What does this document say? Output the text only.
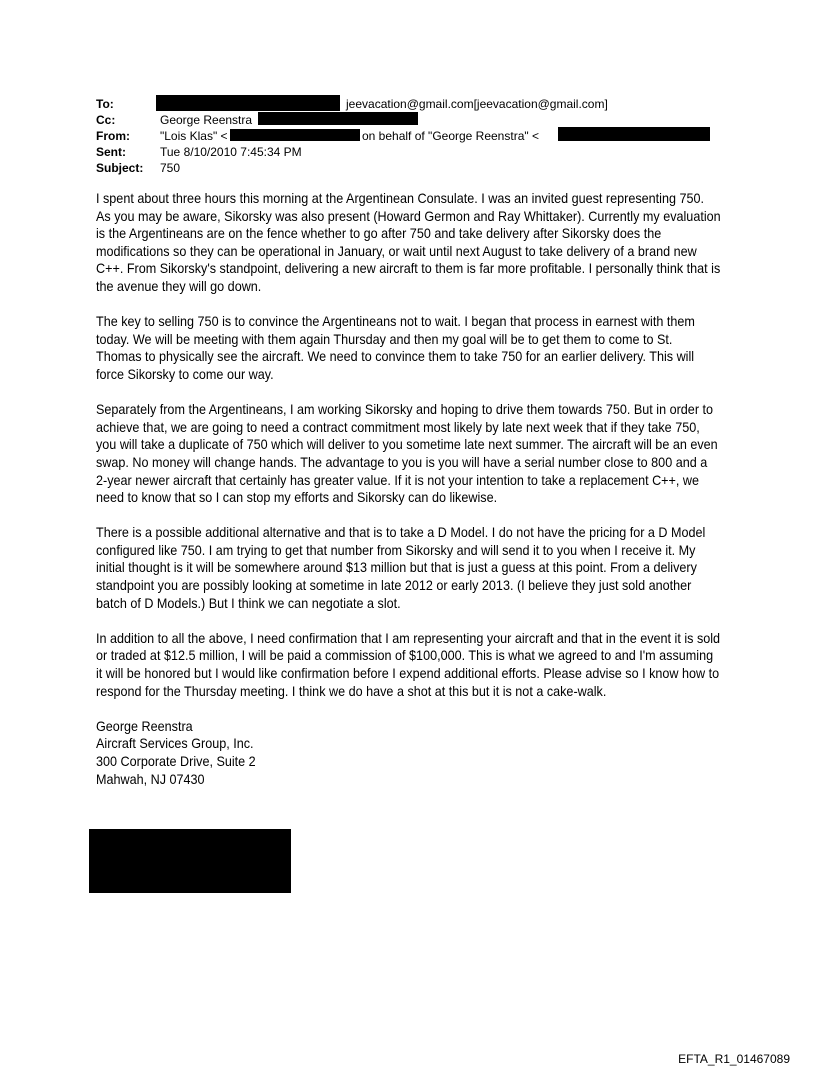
To:	jeevacation@gmail.com[jeevacation@gmail.com]
Cc:	George Reenstra
From:	"Lois Klas" <	on behalf of "George Reenstra" <
Sent:	Tue 8/10/2010 7:45:34 PM
Subject: 750

I spent about three hours this morning at the Argentinean Consulate. I was an invited guest representing 750. As you may be aware, Sikorsky was also present (Howard Germon and Ray Whittaker). Currently my evaluation is the Argentineans are on the fence whether to go after 750 and take delivery after Sikorsky does the modifications so they can be operational in January, or wait until next August to take delivery of a brand new C++. From Sikorsky's standpoint, delivering a new aircraft to them is far more profitable. I personally think that is the avenue they will go down.

The key to selling 750 is to convince the Argentineans not to wait. I began that process in earnest with them today. We will be meeting with them again Thursday and then my goal will be to get them to come to St. Thomas to physically see the aircraft. We need to convince them to take 750 for an earlier delivery. This will force Sikorsky to come our way.

Separately from the Argentineans, I am working Sikorsky and hoping to drive them towards 750. But in order to achieve that, we are going to need a contract commitment most likely by late next week that if they take 750, you will take a duplicate of 750 which will deliver to you sometime late next summer. The aircraft will be an even swap. No money will change hands. The advantage to you is you will have a serial number close to 800 and a 2-year newer aircraft that certainly has greater value. If it is not your intention to take a replacement C++, we need to know that so I can stop my efforts and Sikorsky can do likewise.

There is a possible additional alternative and that is to take a D Model. I do not have the pricing for a D Model configured like 750. I am trying to get that number from Sikorsky and will send it to you when I receive it. My initial thought is it will be somewhere around $13 million but that is just a guess at this point. From a delivery standpoint you are possibly looking at sometime in late 2012 or early 2013. (I believe they just sold another batch of D Models.) But I think we can negotiate a slot.

In addition to all the above, I need confirmation that I am representing your aircraft and that in the event it is sold or traded at $12.5 million, I will be paid a commission of $100,000. This is what we agreed to and I'm assuming it will be honored but I would like confirmation before I expend additional efforts. Please advise so I know how to respond for the Thursday meeting. I think we do have a shot at this but it is not a cake-walk.

George Reenstra
Aircraft Services Group, Inc.
300 Corporate Drive, Suite 2
Mahwah, NJ 07430
EFTA_R1_01467089
